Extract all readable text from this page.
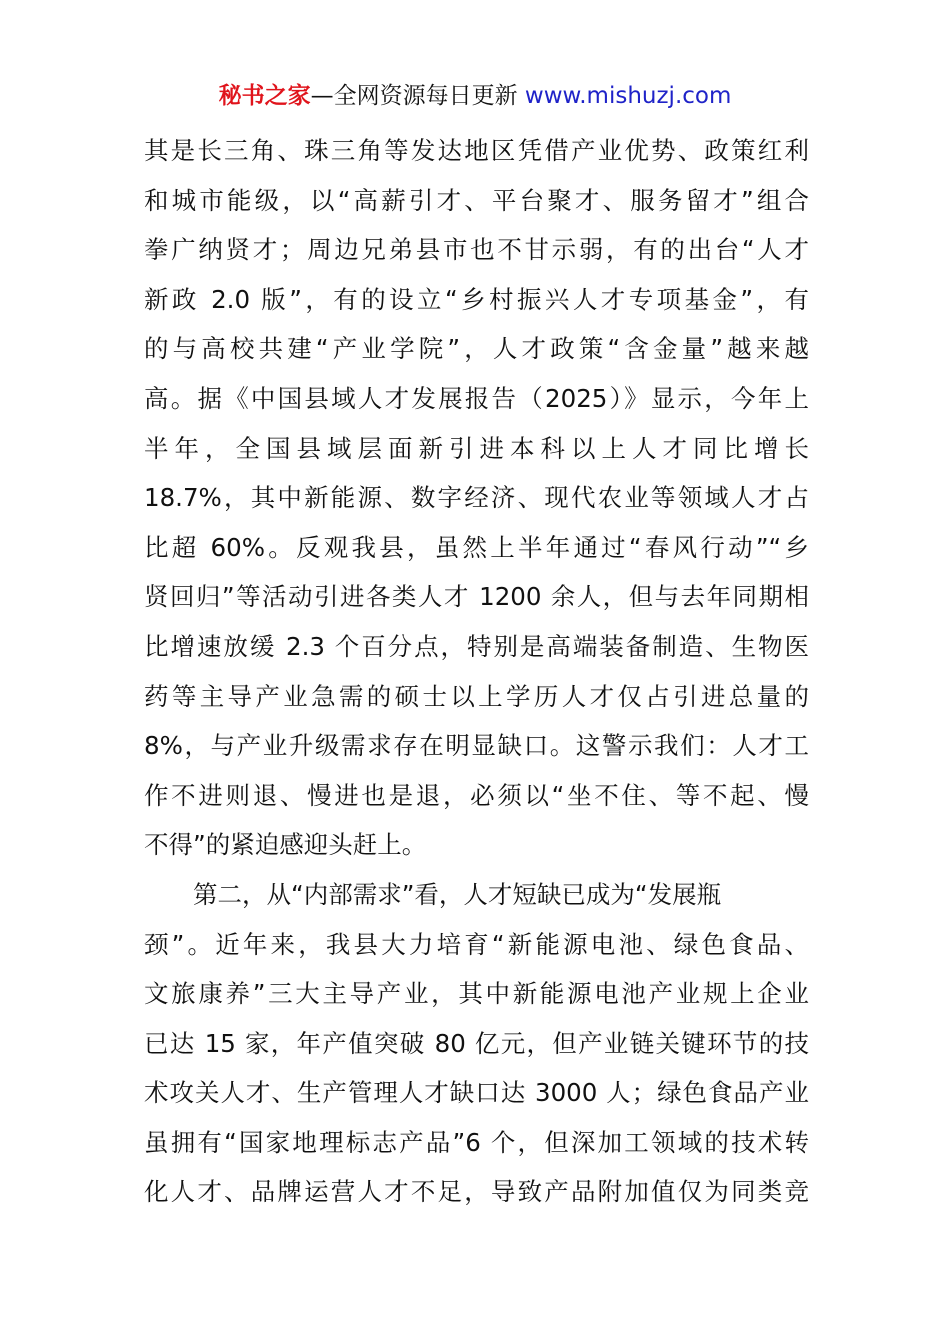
秘书之家—全网资源每日更新 www.mishuzj.com
其是长三角、珠三角等发达地区凭借产业优势、政策红利
和城市能级，以“高薪引才、平台聚才、服务留才”组合
拳广纳贤才；周边兄弟县市也不甘示弱，有的出台“人才
新政 2.0 版”，有的设立“乡村振兴人才专项基金”，有
的与高校共建“产业学院”，人才政策“含金量”越来越
高。据《中国县域人才发展报告（2025）》显示，今年上
半年，全国县域层面新引进本科以上人才同比增长
18.7%，其中新能源、数字经济、现代农业等领域人才占
比超 60%。反观我县，虽然上半年通过“春风行动”“乡
贤回归”等活动引进各类人才 1200 余人，但与去年同期相
比增速放缓 2.3 个百分点，特别是高端装备制造、生物医
药等主导产业急需的硕士以上学历人才仅占引进总量的
8%，与产业升级需求存在明显缺口。这警示我们：人才工
作不进则退、慢进也是退，必须以“坐不住、等不起、慢
不得”的紧迫感迎头赶上。
第二，从“内部需求”看，人才短缺已成为“发展瓶
颈”。近年来，我县大力培育“新能源电池、绿色食品、
文旅康养”三大主导产业，其中新能源电池产业规上企业
已达 15 家，年产值突破 80 亿元，但产业链关键环节的技
术攻关人才、生产管理人才缺口达 3000 人；绿色食品产业
虽拥有“国家地理标志产品”6 个，但深加工领域的技术转
化人才、品牌运营人才不足，导致产品附加值仅为同类竞
